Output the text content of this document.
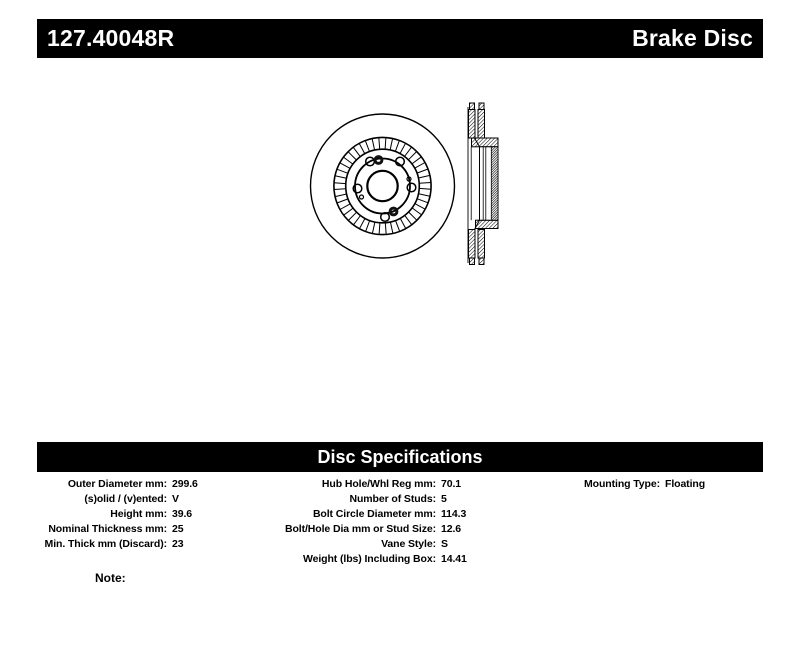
127.40048R	Brake Disc
Disc Specifications
Outer Diameter mm: 299.6
(s)olid / (v)ented: V
Height mm: 39.6
Nominal Thickness mm: 25
Min. Thick mm (Discard): 23
Hub Hole/Whl Reg mm: 70.1
Number of Studs: 5
Bolt Circle Diameter mm: 114.3
Bolt/Hole Dia mm or Stud Size: 12.6
Vane Style: S
Weight (lbs) Including Box: 14.41
Mounting Type: Floating
Note:
